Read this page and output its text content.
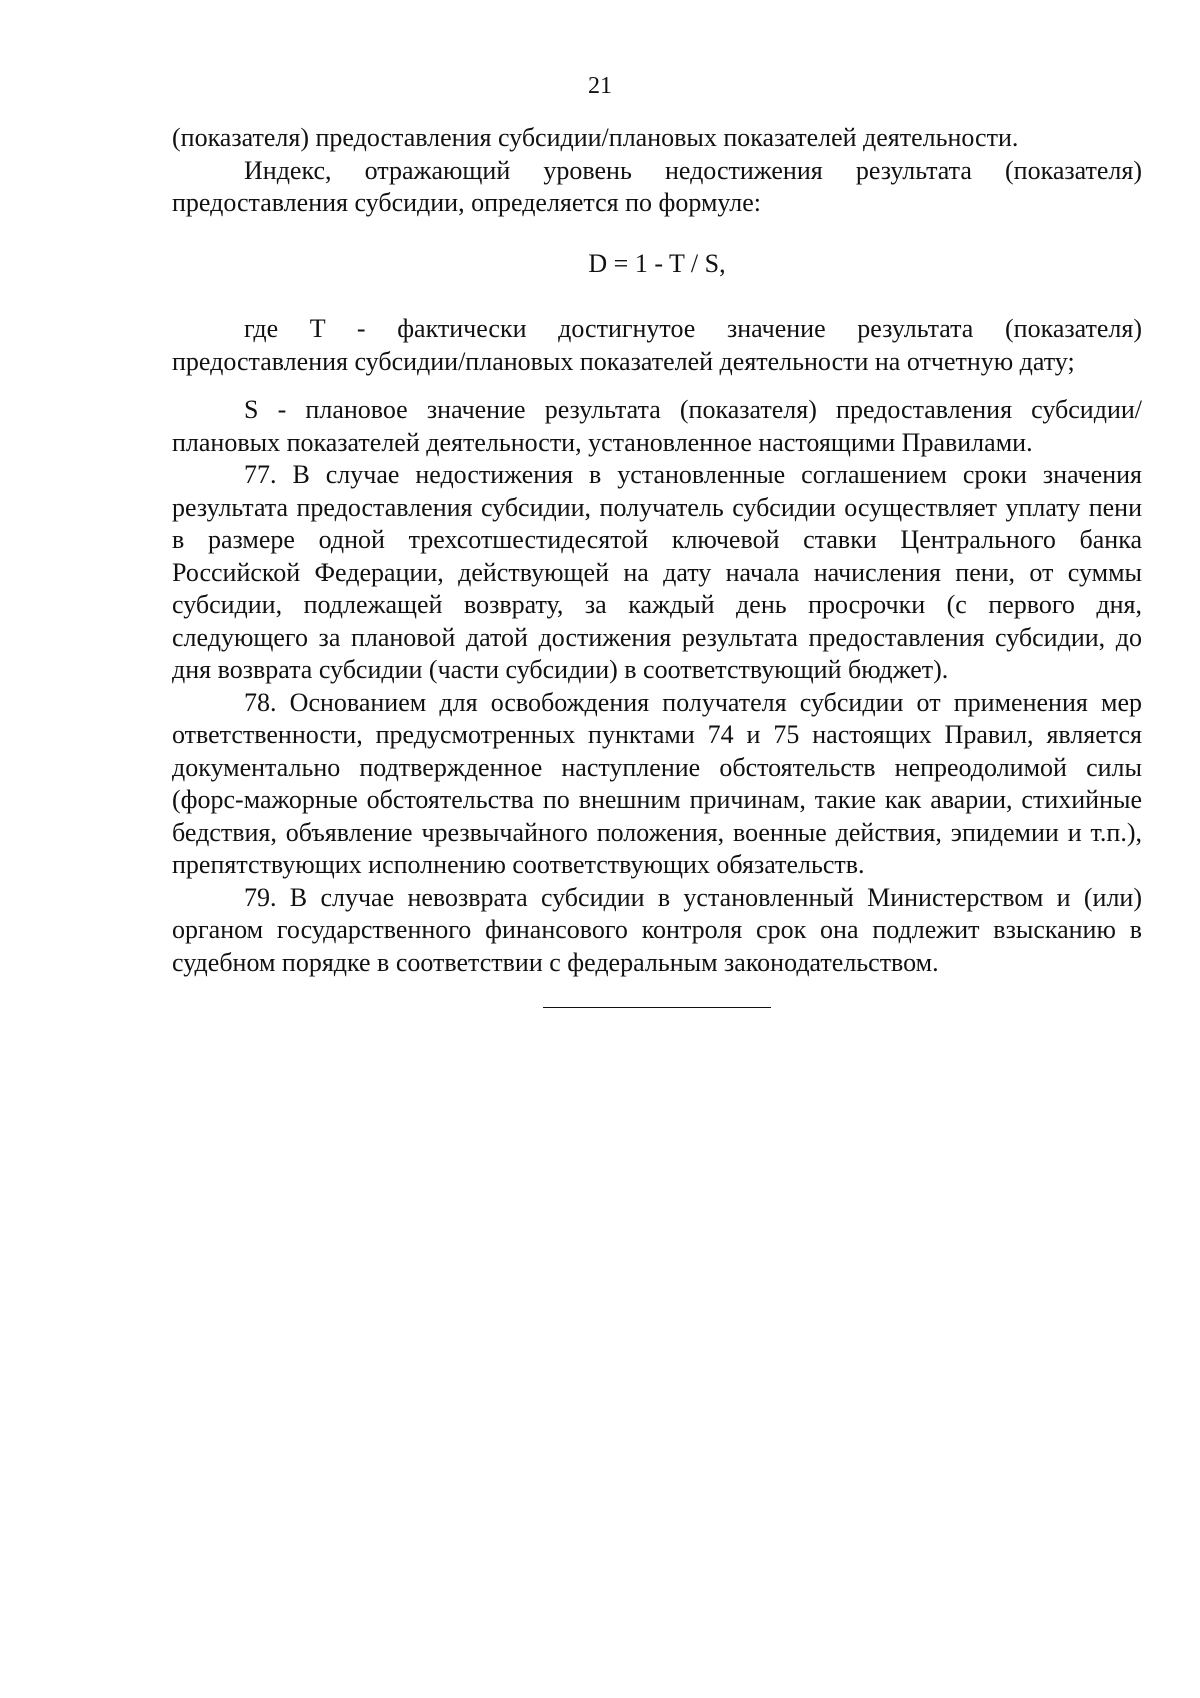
21

(показателя) предоставления субсидии/плановых показателей деятельности.

Индекс, отражающий уровень недостижения результата (показателя) предоставления субсидии, определяется по формуле:

D = 1 - T / S,

где T - фактически достигнутое значение результата (показателя) предоставления субсидии/плановых показателей деятельности на отчетную дату;

S - плановое значение результата (показателя) предоставления субсидии/плановых показателей деятельности, установленное настоящими Правилами.

77. В случае недостижения в установленные соглашением сроки значения результата предоставления субсидии, получатель субсидии осуществляет уплату пени в размере одной трехсотшестидесятой ключевой ставки Центрального банка Российской Федерации, действующей на дату начала начисления пени, от суммы субсидии, подлежащей возврату, за каждый день просрочки (с первого дня, следующего за плановой датой достижения результата предоставления субсидии, до дня возврата субсидии (части субсидии) в соответствующий бюджет).

78. Основанием для освобождения получателя субсидии от применения мер ответственности, предусмотренных пунктами 74 и 75 настоящих Правил, является документально подтвержденное наступление обстоятельств непреодолимой силы (форс-мажорные обстоятельства по внешним причинам, такие как аварии, стихийные бедствия, объявление чрезвычайного положения, военные действия, эпидемии и т.п.), препятствующих исполнению соответствующих обязательств.

79. В случае невозврата субсидии в установленный Министерством и (или) органом государственного финансового контроля срок она подлежит взысканию в судебном порядке в соответствии с федеральным законодательством.
